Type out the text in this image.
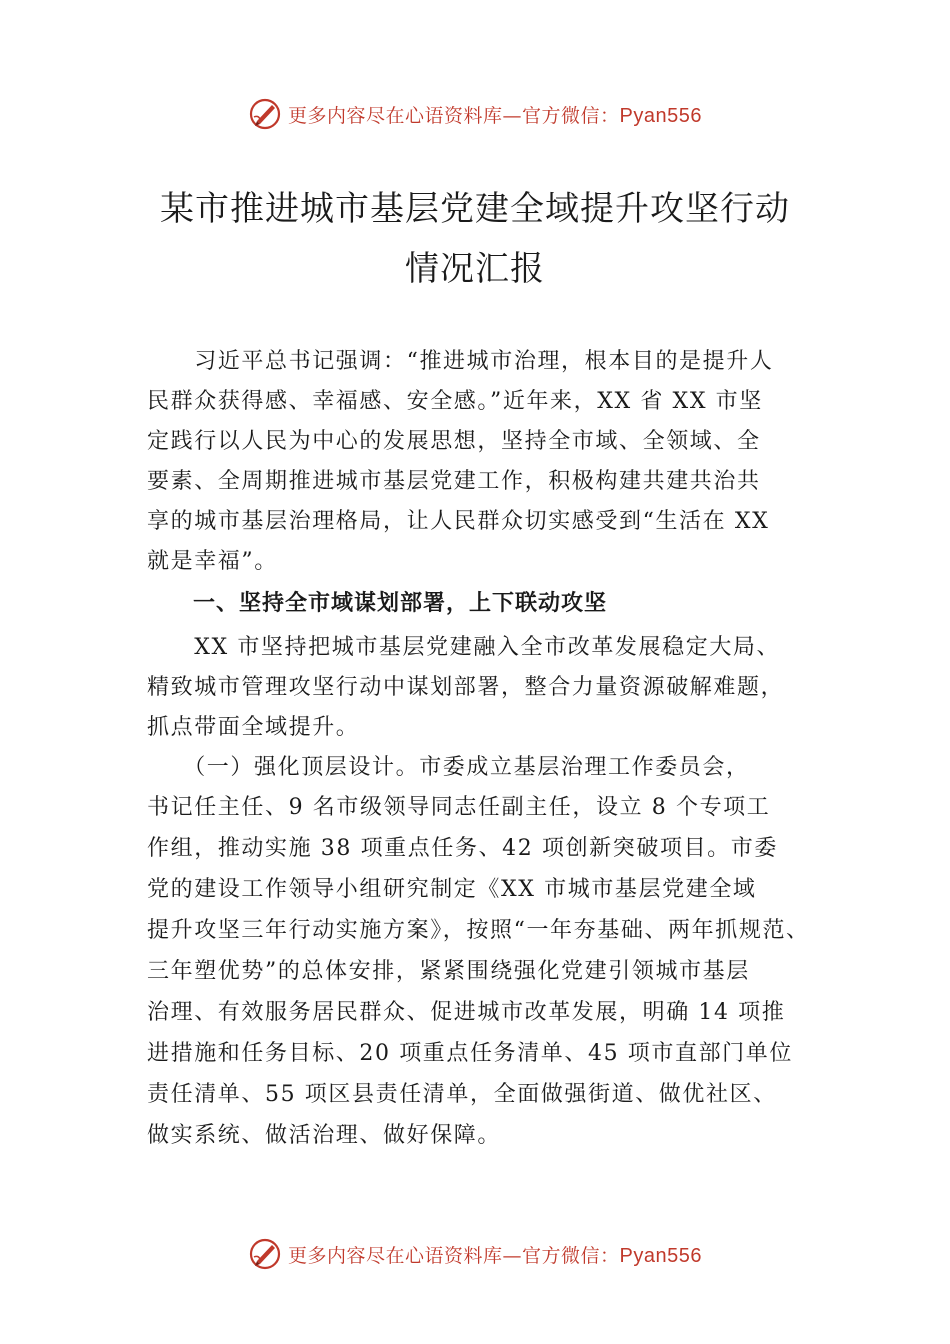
更多内容尽在心语资料库—官方微信：Pyan556
某市推进城市基层党建全域提升攻坚行动
情况汇报
　　习近平总书记强调：“推进城市治理，根本目的是提升人
民群众获得感、幸福感、安全感。”近年来，XX 省 XX 市坚
定践行以人民为中心的发展思想，坚持全市域、全领域、全
要素、全周期推进城市基层党建工作，积极构建共建共治共
享的城市基层治理格局，让人民群众切实感受到“生活在 XX
就是幸福”。
　　一、坚持全市域谋划部署，上下联动攻坚
　　XX 市坚持把城市基层党建融入全市改革发展稳定大局、
精致城市管理攻坚行动中谋划部署，整合力量资源破解难题，
抓点带面全域提升。
　　（一）强化顶层设计。市委成立基层治理工作委员会，
书记任主任、9 名市级领导同志任副主任，设立 8 个专项工
作组，推动实施 38 项重点任务、42 项创新突破项目。市委
党的建设工作领导小组研究制定《XX 市城市基层党建全域
提升攻坚三年行动实施方案》，按照“一年夯基础、两年抓规范、
三年塑优势”的总体安排，紧紧围绕强化党建引领城市基层
治理、有效服务居民群众、促进城市改革发展，明确 14 项推
进措施和任务目标、20 项重点任务清单、45 项市直部门单位
责任清单、55 项区县责任清单，全面做强街道、做优社区、
做实系统、做活治理、做好保障。
更多内容尽在心语资料库—官方微信：Pyan556
